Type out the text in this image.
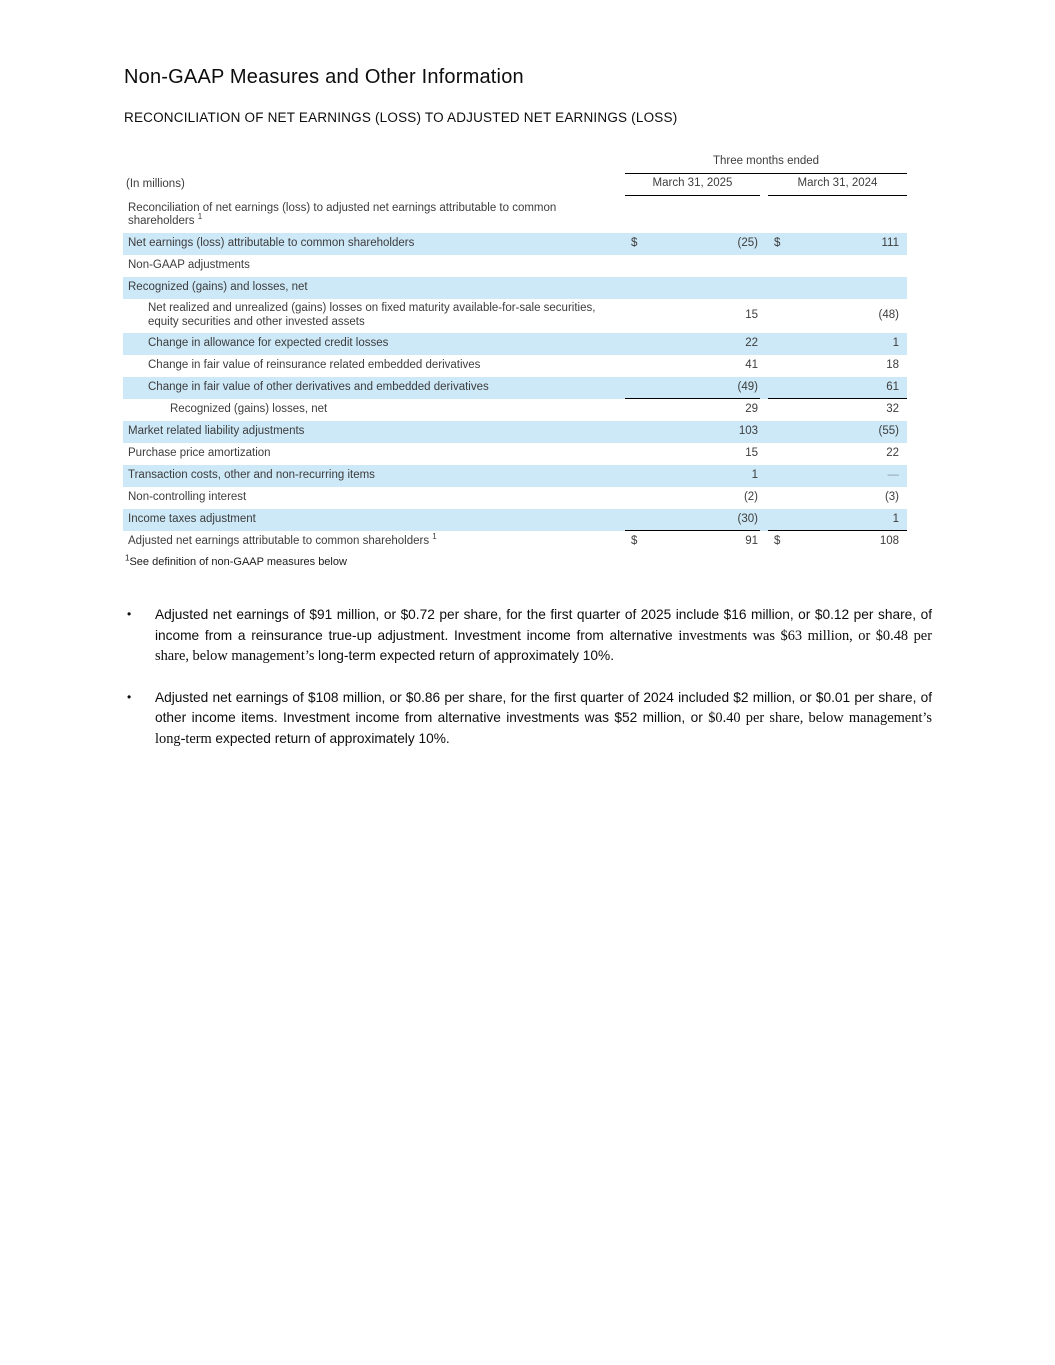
Non-GAAP Measures and Other Information
RECONCILIATION OF NET EARNINGS (LOSS) TO ADJUSTED NET EARNINGS (LOSS)
(In millions)
Three months ended
March 31, 2025	March 31, 2024
Reconciliation of net earnings (loss) to adjusted net earnings attributable to common shareholders $^1$
Net earnings (loss) attributable to common shareholders	$	(25) $	111
Non-GAAP adjustments
Recognized (gains) and losses, net
Net realized and unrealized (gains) losses on fixed maturity available-for-sale securities, equity securities and other invested assets
15	(48)
Change in allowance for expected credit losses	22	1
Change in fair value of reinsurance related embedded derivatives	41	18
Change in fair value of other derivatives and embedded derivatives	(49)	61
Recognized (gains) losses, net	29	32
Market related liability adjustments	103	(55)
Purchase price amortization	15	22
Transaction costs, other and non-recurring items	1	—
Non-controlling interest	(2)	(3)
Income taxes adjustment	(30)	1
Adjusted net earnings attributable to common shareholders $^1$	$	91 $	108
$^1$See definition of non-GAAP measures below
•	Adjusted net earnings of $91 million, or $0.72 per share, for the first quarter of 2025 include $16 million, or $0.12 per share, of income from a reinsurance true-up adjustment. Investment income from alternative investments was $63 million, or $0.48 per share, below management’s long-term expected return of approximately 10%.
•	Adjusted net earnings of $108 million, or $0.86 per share, for the first quarter of 2024 included $2 million, or $0.01 per share, of other income items. Investment income from alternative investments was $52 million, or $0.40 per share, below management’s long-term expected return of approximately 10%.
